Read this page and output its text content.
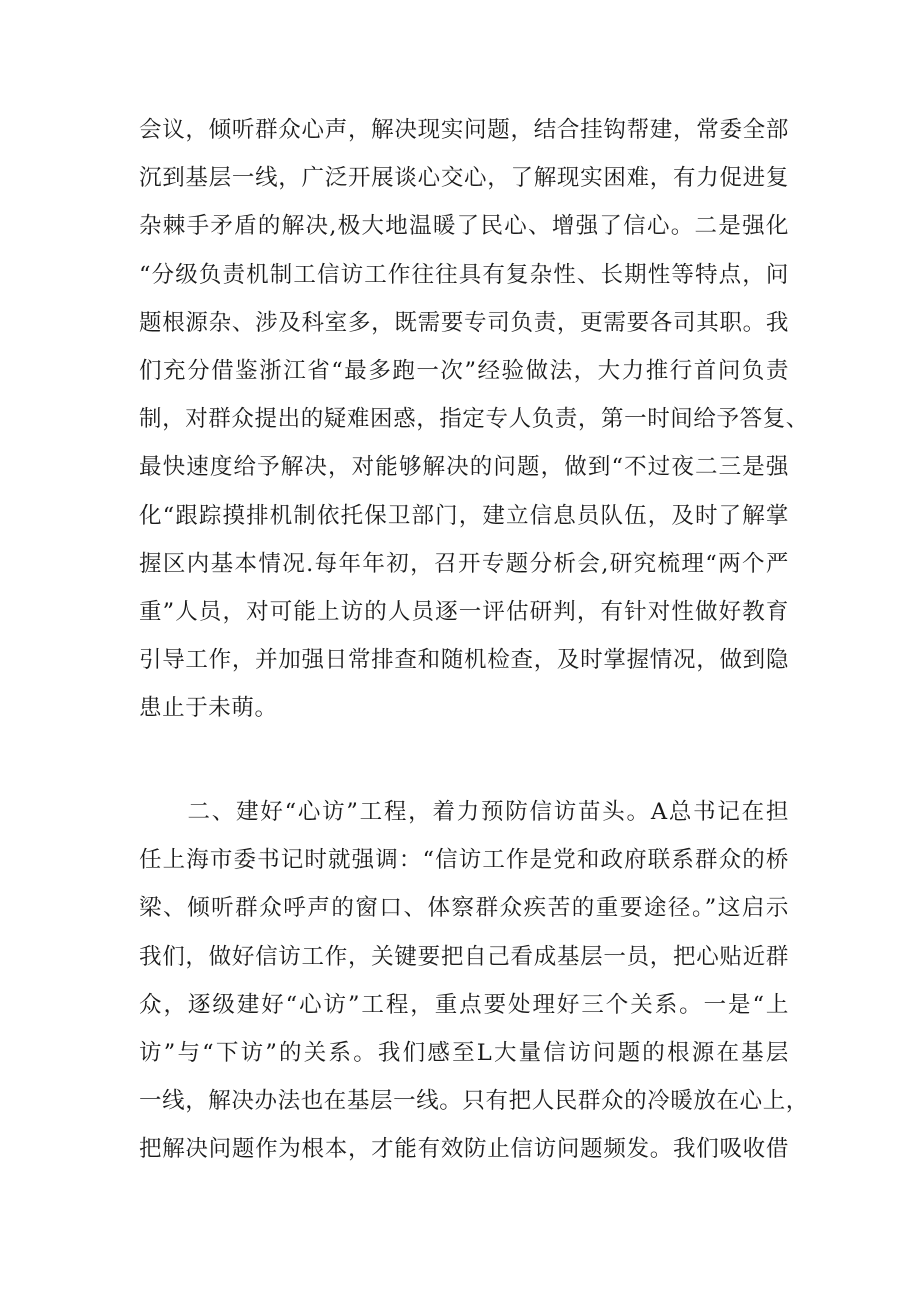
会议，倾听群众心声，解决现实问题，结合挂钩帮建，常委全部
沉到基层一线，广泛开展谈心交心，了解现实困难，有力促进复
杂棘手矛盾的解决,极大地温暖了民心、增强了信心。二是强化
“分级负责机制工信访工作往往具有复杂性、长期性等特点，问
题根源杂、涉及科室多，既需要专司负责，更需要各司其职。我
们充分借鉴浙江省“最多跑一次”经验做法，大力推行首问负责
制，对群众提出的疑难困惑，指定专人负责，第一时间给予答复、
最快速度给予解决，对能够解决的问题，做到“不过夜二三是强
化“跟踪摸排机制依托保卫部门，建立信息员队伍，及时了解掌
握区内基本情况.每年年初，召开专题分析会,研究梳理“两个严
重”人员，对可能上访的人员逐一评估研判，有针对性做好教育
引导工作，并加强日常排查和随机检查，及时掌握情况，做到隐
患止于未萌。
　　二、建好“心访”工程，着力预防信访苗头。A总书记在担
任上海市委书记时就强调：“信访工作是党和政府联系群众的桥
梁、倾听群众呼声的窗口、体察群众疾苦的重要途径。”这启示
我们，做好信访工作，关键要把自己看成基层一员，把心贴近群
众，逐级建好“心访”工程，重点要处理好三个关系。一是“上
访”与“下访”的关系。我们感至L大量信访问题的根源在基层
一线，解决办法也在基层一线。只有把人民群众的冷暖放在心上，
把解决问题作为根本，才能有效防止信访问题频发。我们吸收借
